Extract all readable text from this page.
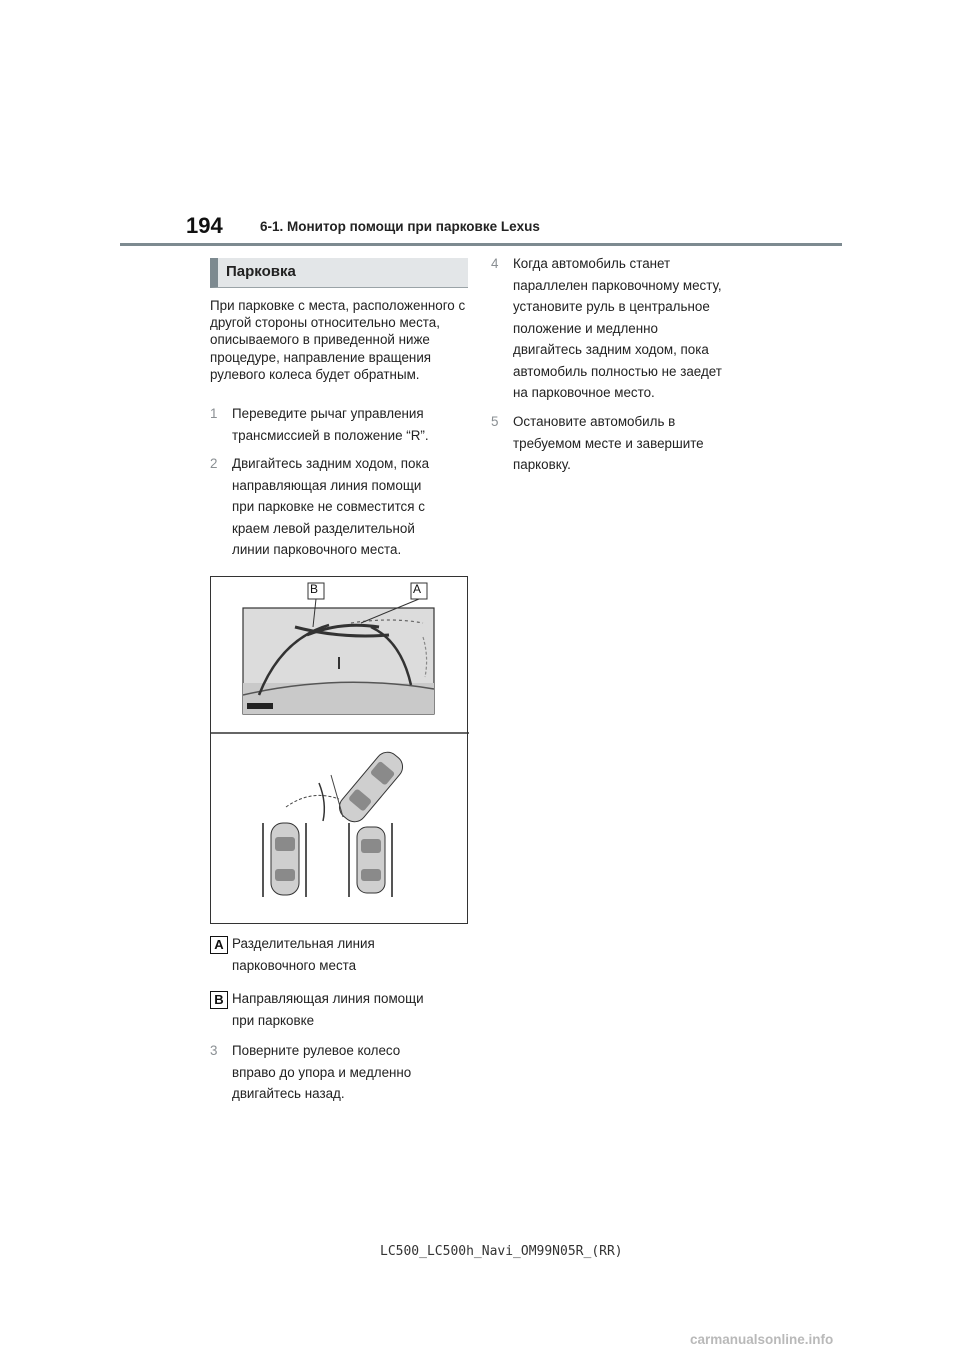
194	6-1. Монитор помощи при парковке Lexus
Парковка
При парковке с места, расположенного с другой стороны относительно места, описываемого в приведенной ниже процедуре, направление вращения рулевого колеса будет обратным.
1	Переведите рычаг управления
трансмиссией в положение “R”.
2	Двигайтесь задним ходом, пока
направляющая линия помощи
при парковке не совместится с
краем левой разделительной
линии парковочного места.
B	A
A Разделительная линия
парковочного места
B Направляющая линия помощи
при парковке
3	Поверните рулевое колесо
вправо до упора и медленно
двигайтесь назад.
4	Когда автомобиль станет
параллелен парковочному месту,
установите руль в центральное
положение и медленно
двигайтесь задним ходом, пока
автомобиль полностью не заедет
на парковочное место.
5	Остановите автомобиль в
требуемом месте и завершите
парковку.
LC500_LC500h_Navi_OM99N05R_(RR)
carmanualsonline.info
